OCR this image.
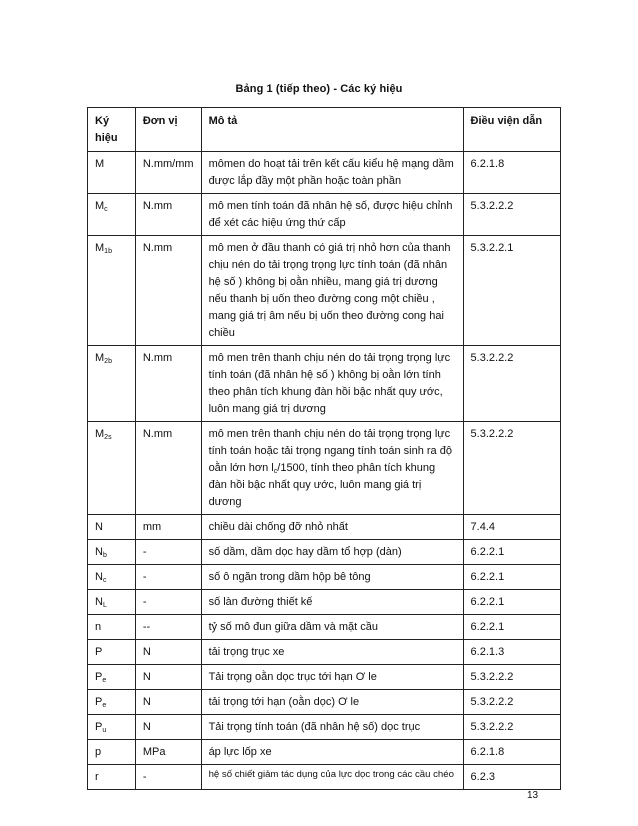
Bảng 1 (tiếp theo) - Các ký hiệu
Ký hiệu	Đơn vị	Mô tả	Điều viện dẫn
M	N.mm/mm	mômen do hoạt tải trên kết cấu kiểu hệ mạng dầm được lắp đầy một phần hoặc toàn phần	6.2.1.8
$M_c$	N.mm	mô men tính toán đã nhân hệ số, được hiệu chỉnh để xét các hiệu ứng thứ cấp	5.3.2.2.2
$M_{1b}$	N.mm	mô men ở đầu thanh có giá trị nhỏ hơn của thanh chịu nén do tải trọng trọng lực tính toán (đã nhân hệ số ) không bị oằn nhiều, mang giá trị dương nếu thanh bị uốn theo đường cong một chiều , mang giá trị âm nếu bị uốn theo đường cong hai chiều	5.3.2.2.1
$M_{2b}$	N.mm	mô men trên thanh chịu nén do tải trọng trọng lực tính toán (đã nhân hệ số ) không bị oằn lớn tính theo phân tích khung đàn hồi bậc nhất quy ước, luôn mang giá trị dương	5.3.2.2.2
$M_{2s}$	N.mm	mô men trên thanh chịu nén do tải trọng trọng lực tính toán hoặc tải trọng ngang tính toán sinh ra độ oằn lớn hơn $l_c/1500$, tính theo phân tích khung đàn hồi bậc nhất quy ước, luôn mang giá trị dương	5.3.2.2.2
N	mm	chiều dài chống đỡ nhỏ nhất	7.4.4
$N_b$	-	số dầm, dầm dọc hay dầm tổ hợp (dàn)	6.2.2.1
$N_c$	-	số ô ngăn trong dầm hộp bê tông	6.2.2.1
$N_L$	-	số làn đường thiết kế	6.2.2.1
n	--	tỷ số mô đun giữa dầm và mặt cầu	6.2.2.1
P	N	tải trọng trục xe	6.2.1.3
$P_e$	N	Tải trọng oằn dọc trục tới hạn Ơ le	5.3.2.2.2
$P_e$	N	tải trọng tới hạn (oằn dọc) Ơ le	5.3.2.2.2
$P_u$	N	Tải trọng tính toán (đã nhân hệ số) dọc trục	5.3.2.2.2
p	MPa	áp lực lốp xe	6.2.1.8
r	-	hệ số chiết giảm tác dụng của lực dọc trong các cầu chéo	6.2.3
13
